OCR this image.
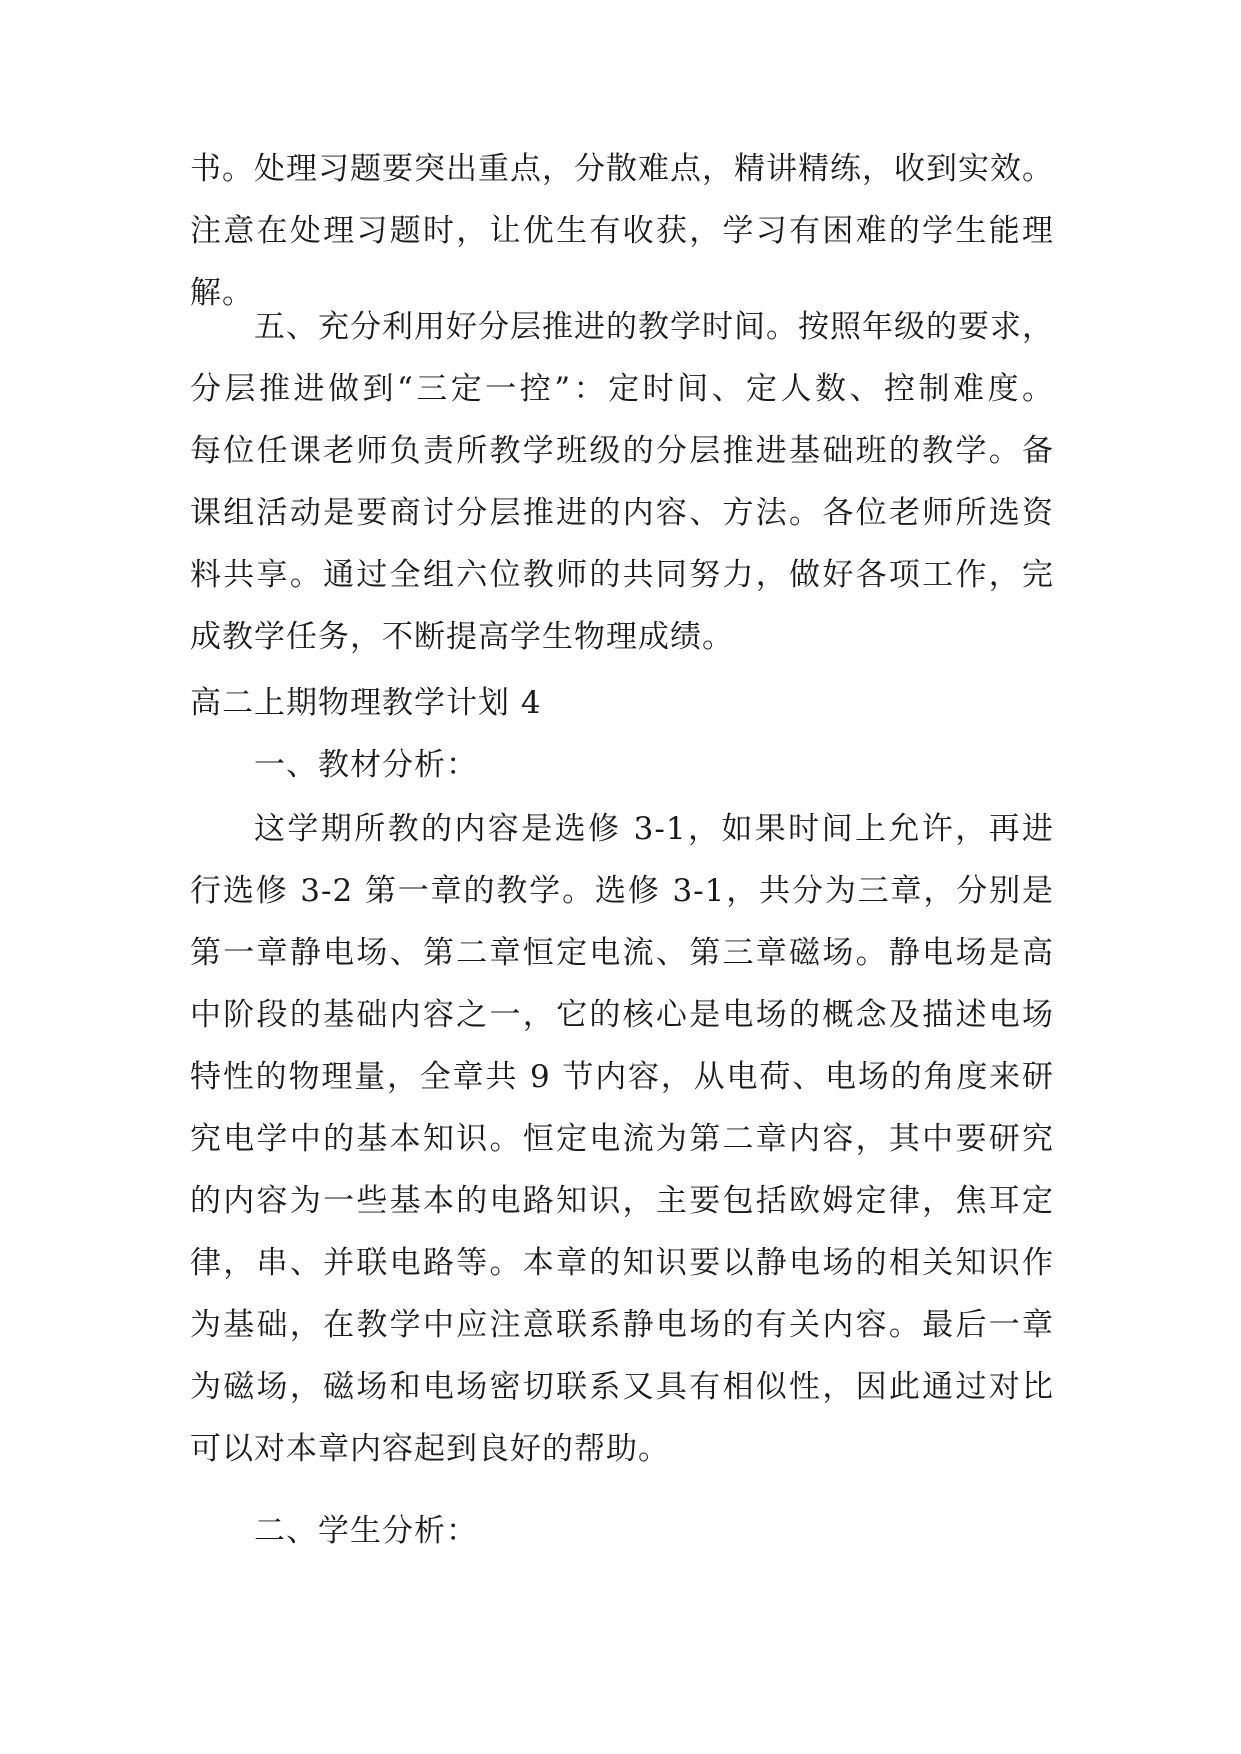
书。处理习题要突出重点，分散难点，精讲精练，收到实效。
注意在处理习题时，让优生有收获，学习有困难的学生能理
解。
五、充分利用好分层推进的教学时间。按照年级的要求，
分层推进做到“三定一控”：定时间、定人数、控制难度。
每位任课老师负责所教学班级的分层推进基础班的教学。备
课组活动是要商讨分层推进的内容、方法。各位老师所选资
料共享。通过全组六位教师的共同努力，做好各项工作，完
成教学任务，不断提高学生物理成绩。
高二上期物理教学计划 4
一、教材分析：
这学期所教的内容是选修 3-1，如果时间上允许，再进
行选修 3-2 第一章的教学。选修 3-1，共分为三章，分别是
第一章静电场、第二章恒定电流、第三章磁场。静电场是高
中阶段的基础内容之一，它的核心是电场的概念及描述电场
特性的物理量，全章共 9 节内容，从电荷、电场的角度来研
究电学中的基本知识。恒定电流为第二章内容，其中要研究
的内容为一些基本的电路知识，主要包括欧姆定律，焦耳定
律，串、并联电路等。本章的知识要以静电场的相关知识作
为基础，在教学中应注意联系静电场的有关内容。最后一章
为磁场，磁场和电场密切联系又具有相似性，因此通过对比
可以对本章内容起到良好的帮助。
二、学生分析：
